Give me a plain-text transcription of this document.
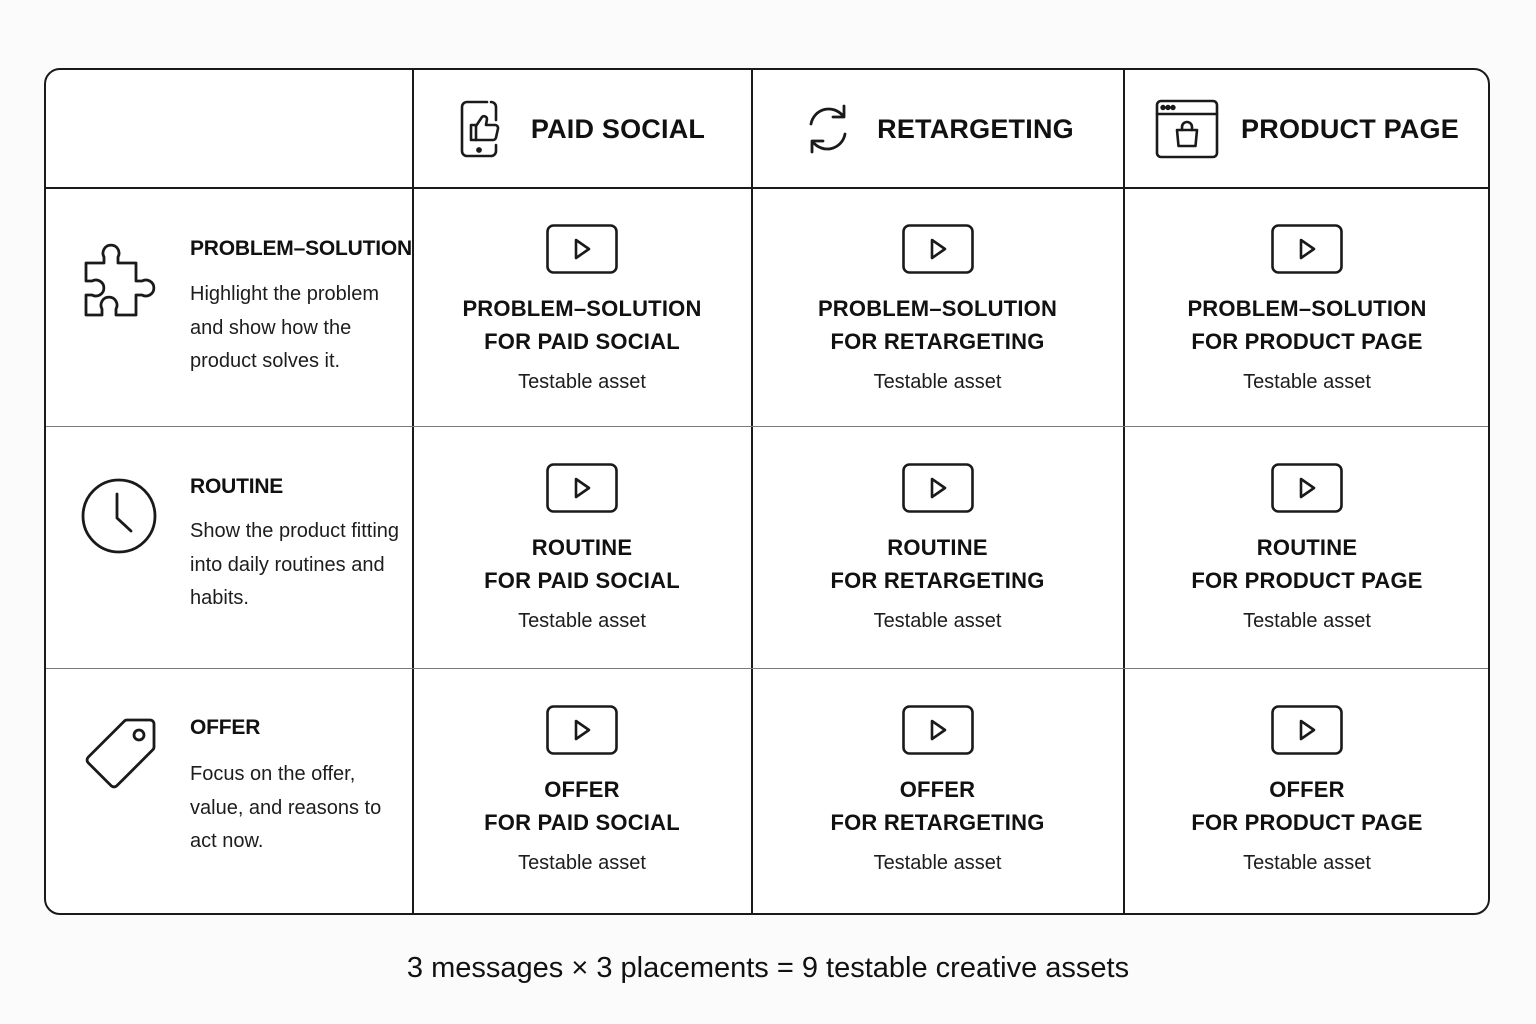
PAID SOCIAL	RETARGETING	PRODUCT PAGE
PROBLEM–SOLUTION
Highlight the problem and show how the product solves it.
ROUTINE
Show the product fitting into daily routines and habits.
OFFER
Focus on the offer, value, and reasons to act now.
PROBLEM–SOLUTION
FOR PAID SOCIAL
Testable asset
PROBLEM–SOLUTION
FOR RETARGETING
Testable asset
PROBLEM–SOLUTION
FOR PRODUCT PAGE
Testable asset
ROUTINE
FOR PAID SOCIAL
Testable asset
ROUTINE
FOR RETARGETING
Testable asset
ROUTINE
FOR PRODUCT PAGE
Testable asset
OFFER
FOR PAID SOCIAL
Testable asset
OFFER
FOR RETARGETING
Testable asset
OFFER
FOR PRODUCT PAGE
Testable asset
3 messages × 3 placements = 9 testable creative assets
